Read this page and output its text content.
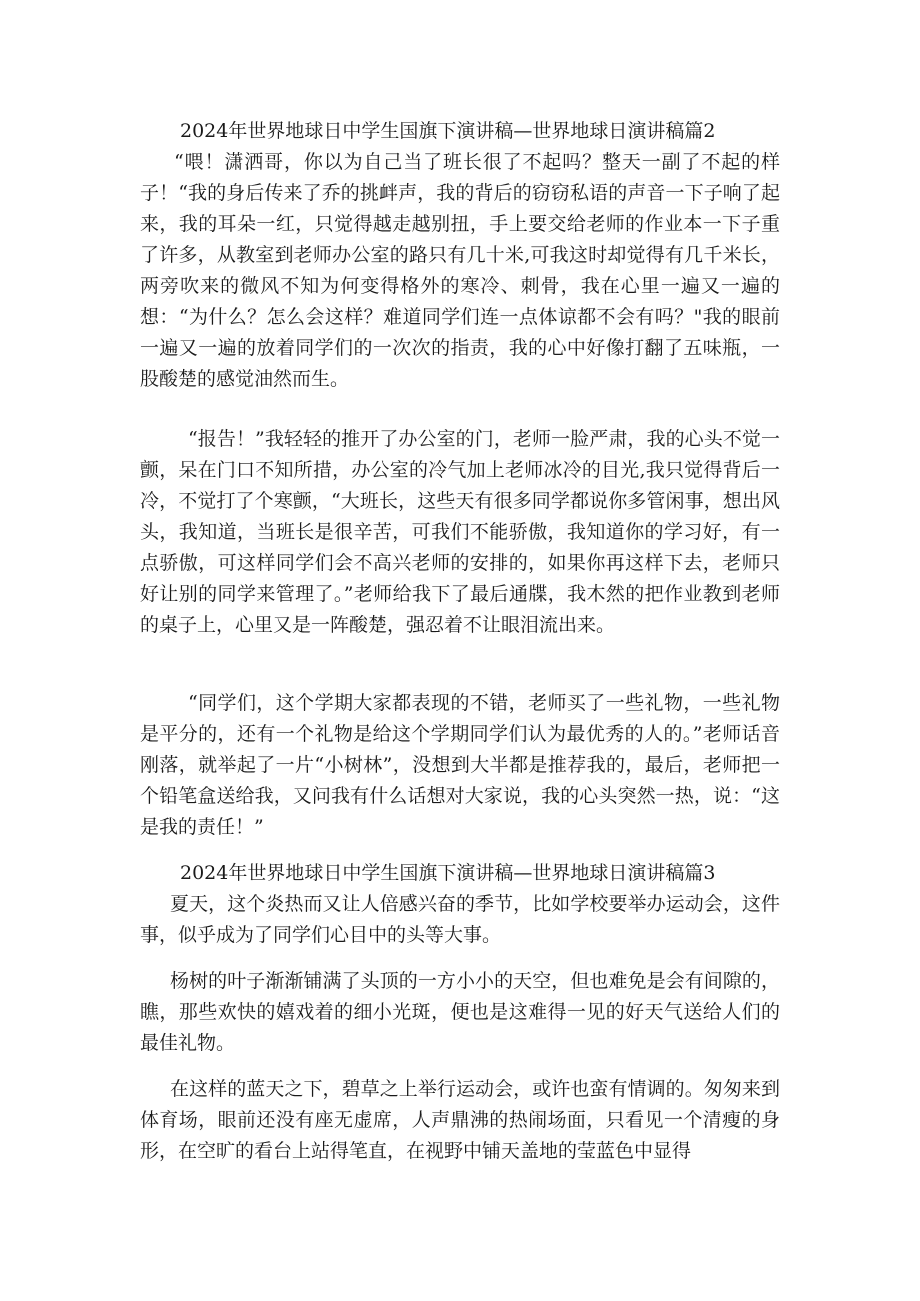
2024年世界地球日中学生国旗下演讲稿—世界地球日演讲稿篇2
“喂！潇洒哥，你以为自己当了班长很了不起吗？整天一副了不起的样子！“我的身后传来了乔的挑衅声，我的背后的窃窃私语的声音一下子响了起来，我的耳朵一红，只觉得越走越别扭，手上要交给老师的作业本一下子重了许多，从教室到老师办公室的路只有几十米,可我这时却觉得有几千米长，两旁吹来的微风不知为何变得格外的寒冷、刺骨，我在心里一遍又一遍的想：“为什么？怎么会这样？难道同学们连一点体谅都不会有吗？"我的眼前一遍又一遍的放着同学们的一次次的指责，我的心中好像打翻了五味瓶，一股酸楚的感觉油然而生。
“报告！”我轻轻的推开了办公室的门，老师一脸严肃，我的心头不觉一颤，呆在门口不知所措，办公室的冷气加上老师冰冷的目光,我只觉得背后一冷，不觉打了个寒颤，“大班长，这些天有很多同学都说你多管闲事，想出风头，我知道，当班长是很辛苦，可我们不能骄傲，我知道你的学习好，有一点骄傲，可这样同学们会不高兴老师的安排的，如果你再这样下去，老师只好让别的同学来管理了。”老师给我下了最后通牒，我木然的把作业教到老师的桌子上，心里又是一阵酸楚，强忍着不让眼泪流出来。
“同学们，这个学期大家都表现的不错，老师买了一些礼物，一些礼物是平分的，还有一个礼物是给这个学期同学们认为最优秀的人的。”老师话音刚落，就举起了一片“小树林”，没想到大半都是推荐我的，最后，老师把一个铅笔盒送给我，又问我有什么话想对大家说，我的心头突然一热，说：“这是我的责任！”
2024年世界地球日中学生国旗下演讲稿—世界地球日演讲稿篇3
夏天，这个炎热而又让人倍感兴奋的季节，比如学校要举办运动会，这件事，似乎成为了同学们心目中的头等大事。
杨树的叶子渐渐铺满了头顶的一方小小的天空，但也难免是会有间隙的，瞧，那些欢快的嬉戏着的细小光斑，便也是这难得一见的好天气送给人们的最佳礼物。
在这样的蓝天之下，碧草之上举行运动会，或许也蛮有情调的。匆匆来到体育场，眼前还没有座无虚席，人声鼎沸的热闹场面，只看见一个清瘦的身形，在空旷的看台上站得笔直，在视野中铺天盖地的莹蓝色中显得
